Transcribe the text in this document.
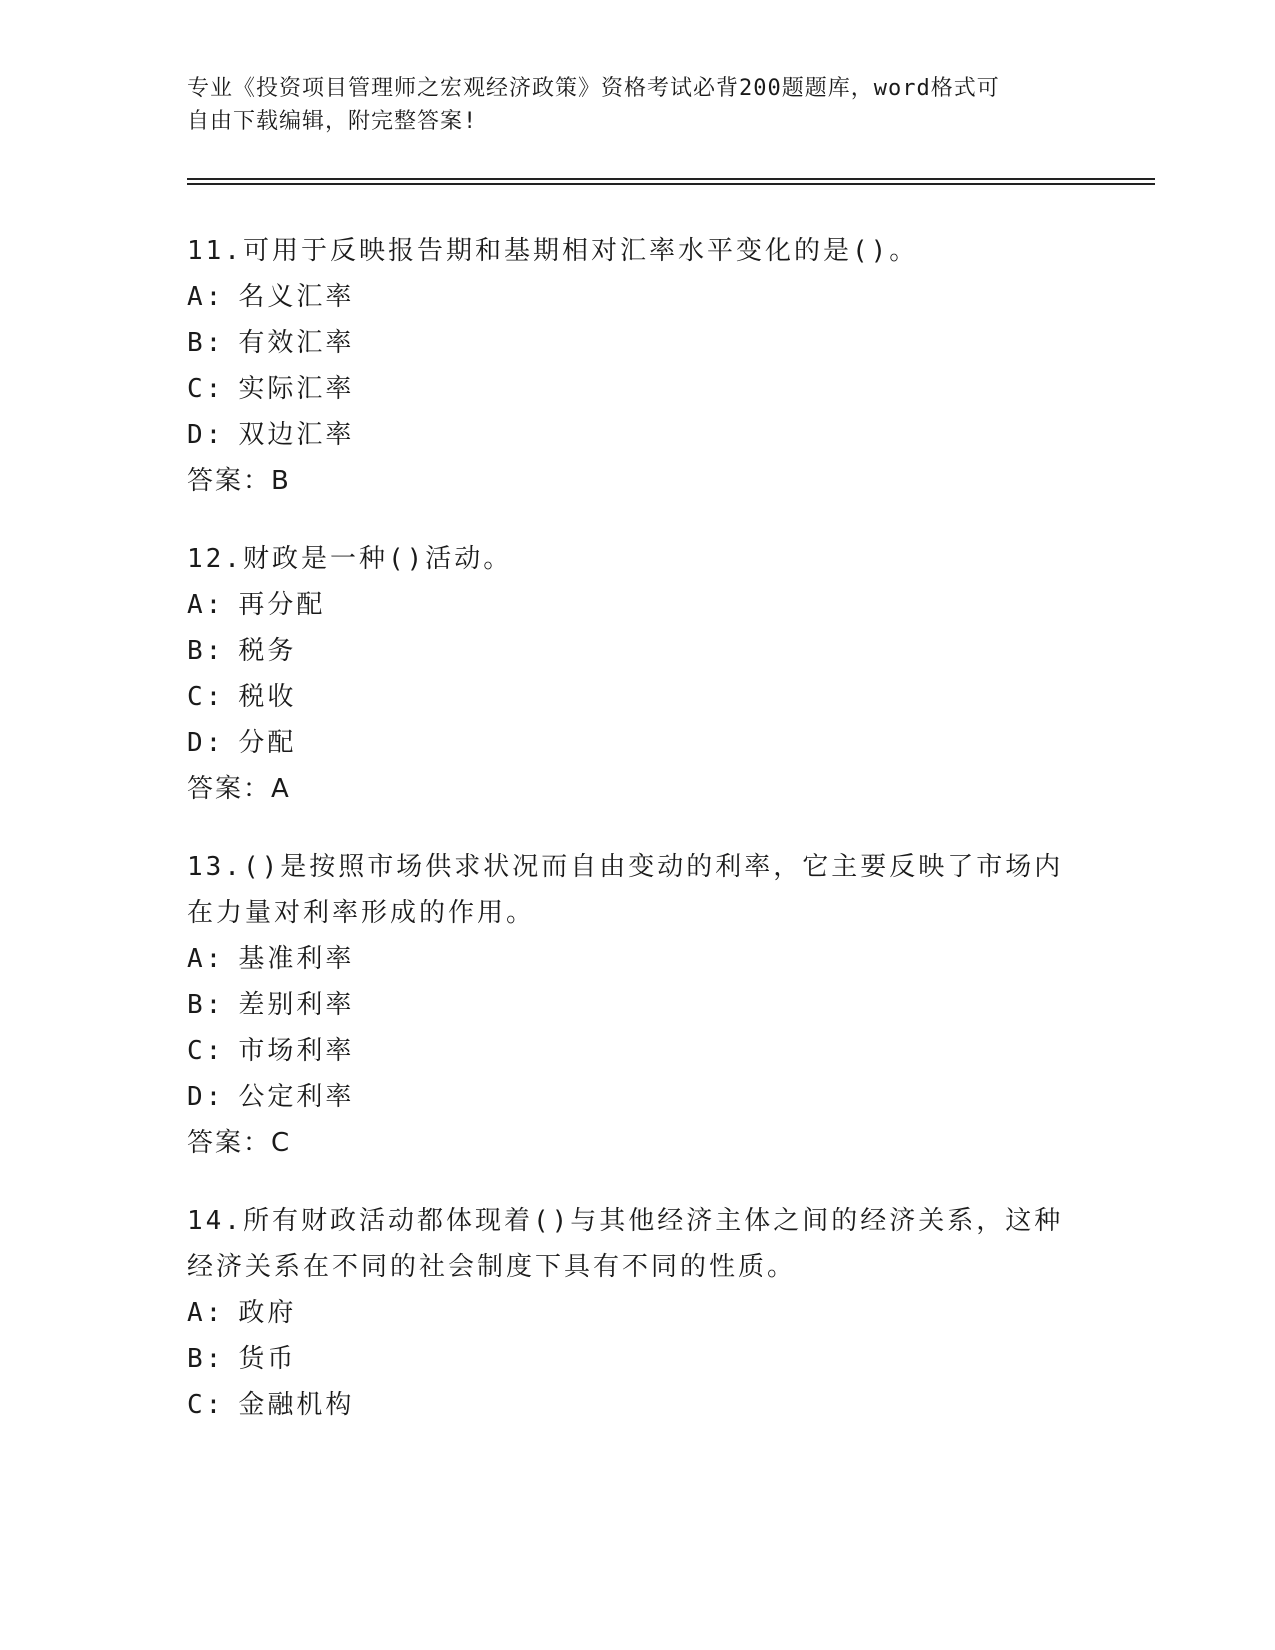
专业《投资项目管理师之宏观经济政策》资格考试必背200题题库，word格式可
自由下载编辑，附完整答案!
11.可用于反映报告期和基期相对汇率水平变化的是()。
A: 名义汇率
B: 有效汇率
C: 实际汇率
D: 双边汇率
答案：B
12.财政是一种()活动。
A: 再分配
B: 税务
C: 税收
D: 分配
答案：A
13.()是按照市场供求状况而自由变动的利率，它主要反映了市场内在力量对利率形成的作用。
A: 基准利率
B: 差别利率
C: 市场利率
D: 公定利率
答案：C
14.所有财政活动都体现着()与其他经济主体之间的经济关系，这种经济关系在不同的社会制度下具有不同的性质。
A: 政府
B: 货币
C: 金融机构
